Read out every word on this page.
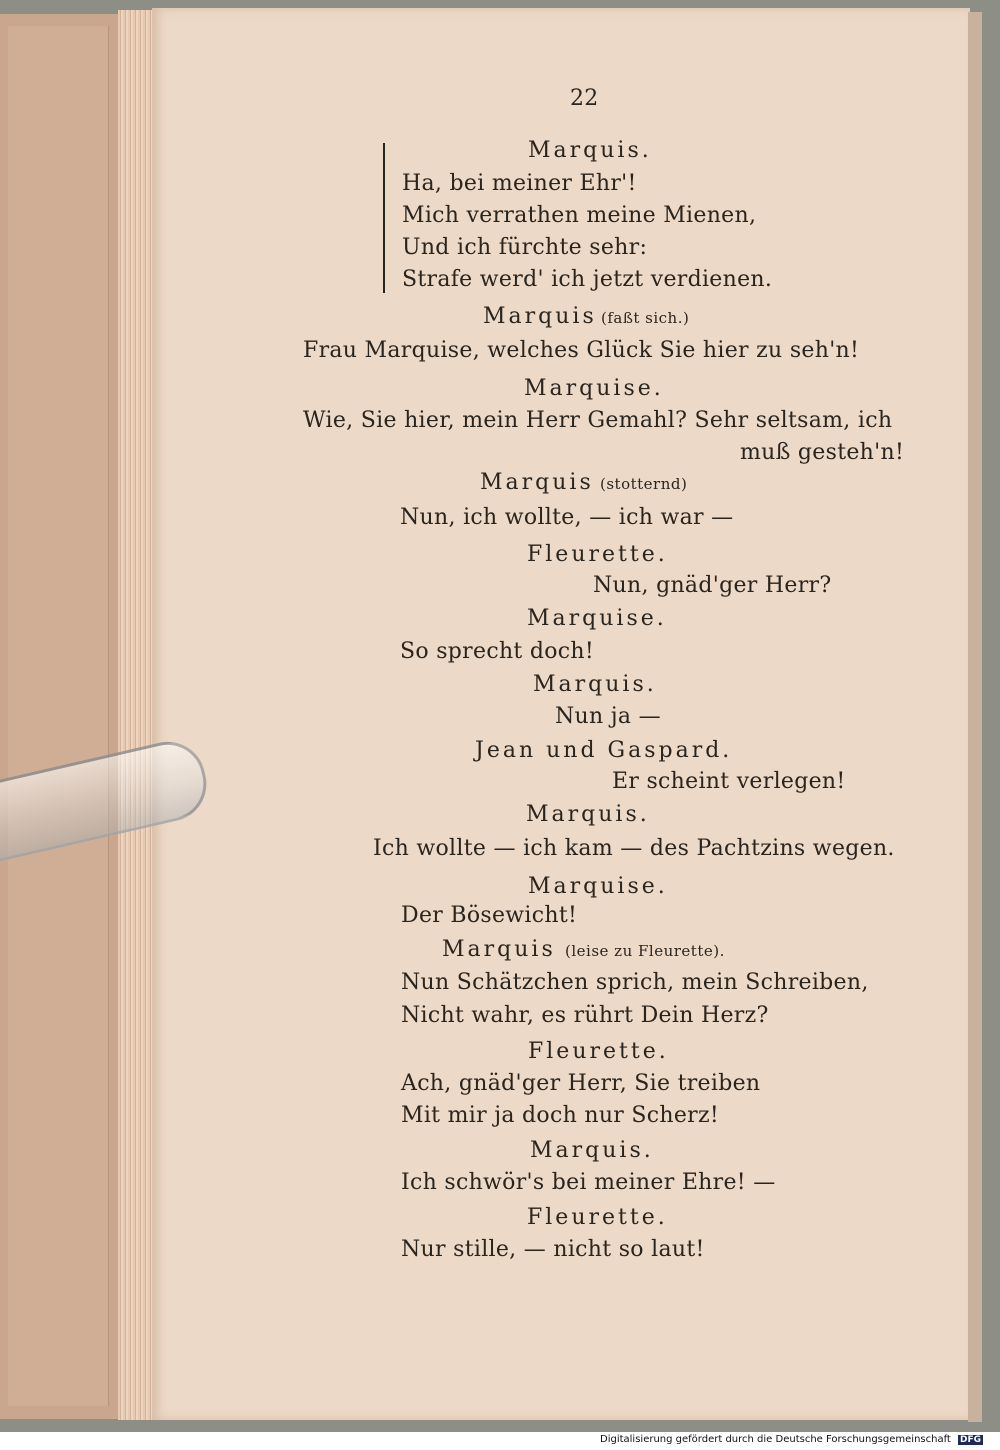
22
Marquis.
Ha, bei meiner Ehr'!
Mich verrathen meine Mienen,
Und ich fürchte sehr:
Strafe werd' ich jetzt verdienen.
Marquis (faßt sich.)
Frau Marquise, welches Glück Sie hier zu seh'n!
Marquise.
Wie, Sie hier, mein Herr Gemahl? Sehr seltsam, ich
muß gesteh'n!
Marquis (stotternd)
Nun, ich wollte, — ich war —
Fleurette.
Nun, gnäd'ger Herr?
Marquise.
So sprecht doch!
Marquis.
Nun ja —
Jean und Gaspard.
Er scheint verlegen!
Marquis.
Ich wollte — ich kam — des Pachtzins wegen.
Marquise.
Der Bösewicht!
Marquis (leise zu Fleurette).
Nun Schätzchen sprich, mein Schreiben,
Nicht wahr, es rührt Dein Herz?
Fleurette.
Ach, gnäd'ger Herr, Sie treiben
Mit mir ja doch nur Scherz!
Marquis.
Ich schwör's bei meiner Ehre! —
Fleurette.
Nur stille, — nicht so laut!
Digitalisierung gefördert durch die Deutsche Forschungsgemeinschaft DFG
